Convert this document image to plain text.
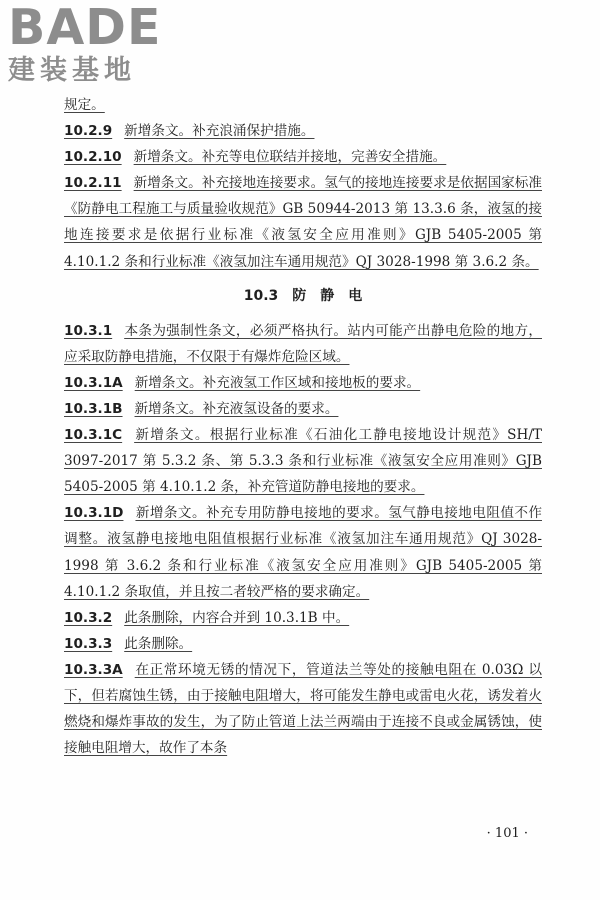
BADE
建装基地

规定。

10.2.9 新增条文。补充浪涌保护措施。

10.2.10 新增条文。补充等电位联结并接地，完善安全措施。

10.2.11 新增条文。补充接地连接要求。氢气的接地连接要求是依据国家标准《防静电工程施工与质量验收规范》GB 50944-2013 第 13.3.6 条，液氢的接地连接要求是依据行业标准《液氢安全应用准则》GJB 5405-2005 第 4.10.1.2 条和行业标准《液氢加注车通用规范》QJ 3028-1998 第 3.6.2 条。

10.3　防　静　电

10.3.1 本条为强制性条文，必须严格执行。站内可能产出静电危险的地方，应采取防静电措施，不仅限于有爆炸危险区域。

10.3.1A 新增条文。补充液氢工作区域和接地板的要求。

10.3.1B 新增条文。补充液氢设备的要求。

10.3.1C 新增条文。根据行业标准《石油化工静电接地设计规范》SH/T 3097-2017 第 5.3.2 条、第 5.3.3 条和行业标准《液氢安全应用准则》GJB 5405-2005 第 4.10.1.2 条，补充管道防静电接地的要求。

10.3.1D 新增条文。补充专用防静电接地的要求。氢气静电接地电阻值不作调整。液氢静电接地电阻值根据行业标准《液氢加注车通用规范》QJ 3028-1998 第 3.6.2 条和行业标准《液氢安全应用准则》GJB 5405-2005 第 4.10.1.2 条取值，并且按二者较严格的要求确定。

10.3.2 此条删除，内容合并到 10.3.1B 中。

10.3.3 此条删除。

10.3.3A 在正常环境无锈的情况下，管道法兰等处的接触电阻在 0.03Ω 以下，但若腐蚀生锈，由于接触电阻增大，将可能发生静电或雷电火花，诱发着火燃烧和爆炸事故的发生，为了防止管道上法兰两端由于连接不良或金属锈蚀，使接触电阻增大，故作了本条

· 101 ·
